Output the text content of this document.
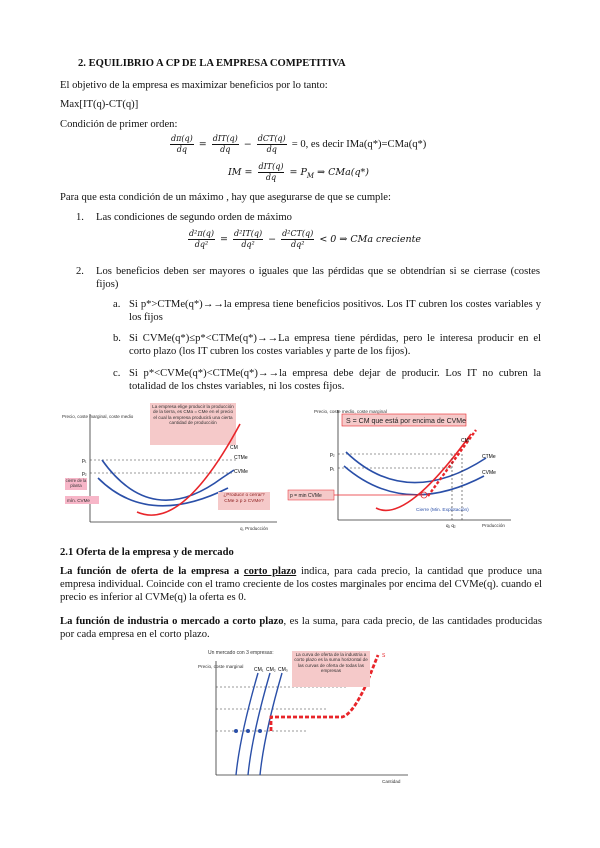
2. EQUILIBRIO A CP DE LA EMPRESA COMPETITIVA
El objetivo de la empresa es maximizar beneficios por lo tanto:
Max[IT(q)-CT(q)]
Condición de primer orden:
$\frac{d\pi(q)}{dq} = \frac{\text{dIT(q)}}{dq} - \frac{\text{dCT(q)}}{dq} = 0$, es decir IMa(q*)=CMa(q*)
IM = $\frac{\text{dIT(q)}}{dq} = P_M$ ⇒ CMa(q*)
Para que esta condición de un máximo , hay que asegurarse de que se cumple:
1. Las condiciones de segundo orden de máximo
$\frac{\text{d²π(q)}}{\text{dq²}} = \frac{\text{d²IT(q)}}{\text{dq²}} - \frac{\text{d²CT(q)}}{\text{dq²}} < 0$ ⇒ CMa creciente
2. Los beneficios deben ser mayores o iguales que las pérdidas que se obtendrían si se cierrase (costes fijos)
a. Si p*>CTMe(q*)→→la empresa tiene beneficios positivos. Los IT cubren los costes variables y los fijos
b. Si CVMe(q*)≤p*<CTMe(q*)→→La empresa tiene pérdidas, pero le interesa producir en el corto plazo (los IT cubren los costes variables y parte de los fijos).
c. Si p*<CVMe(q*)<CTMe(q*)→→la empresa debe dejar de producir. Los IT no cubren la totalidad de los chstes variables, ni los costes fijos.
Precio, coste marginal, coste medio
La empresa elige producir la producción de la tierra, es CMa = CMe en el precio el cual la empresa producirá una cierta cantidad de producción
p₁
p₂
CM
CTMe
CVMe
cierre de la planta
mín. CVMe
¿Producir o cerrar? CMe ≥ p ≥ CVMe?
q, Producción
Precio, coste medio, coste marginal
S = CM que está por encima de CVMe
p₂
p₁
CM
CTMe
CVMe
p = min CVMe
Cierre (Min. Explotación)
q₁ q₂	Producción
2.1 Oferta de la empresa y de mercado
La función de oferta de la empresa a corto plazo indica, para cada precio, la cantidad que produce una empresa individual. Coincide con el tramo creciente de los costes marginales por encima del CVMe(q). cuando el precio es inferior al CVMe(q) la oferta es 0.
La función de industria o mercado a corto plazo, es la suma, para cada precio, de las cantidades producidas por cada empresa en el corto plazo.
Un mercado con 3 empresas:
Precio, coste marginal
CM₁ CM₂ CM₃
La curva de oferta de la industria a corto plazo es la suma horizontal de las curvas de oferta de todas las empresas
S
Cantidad
